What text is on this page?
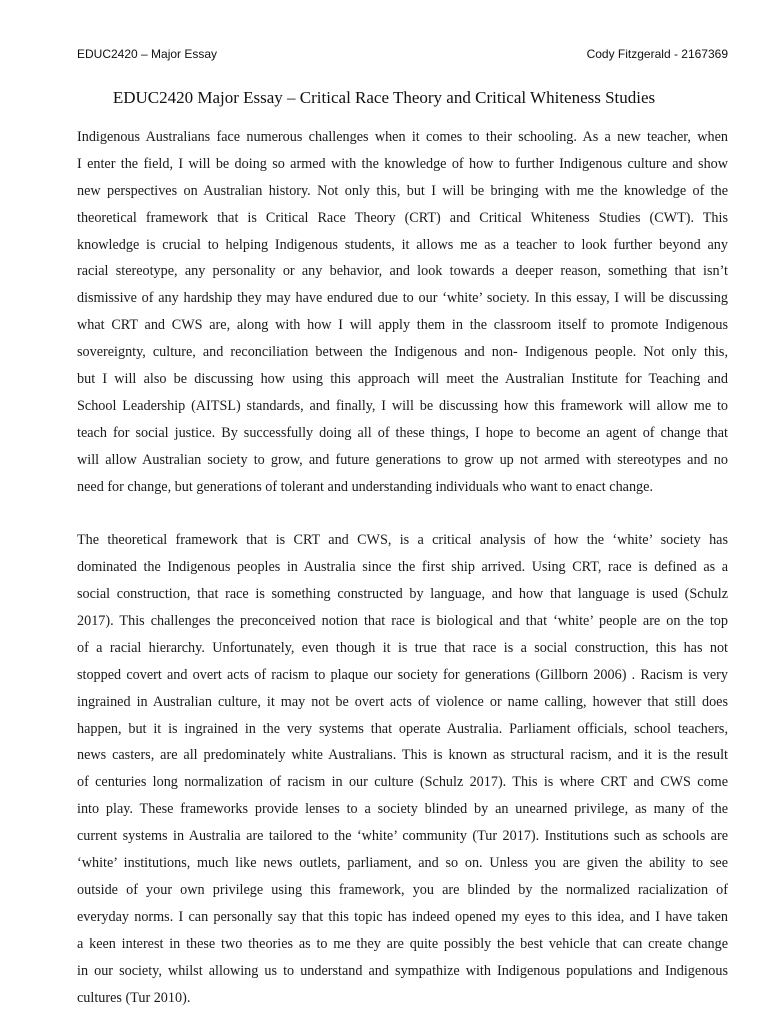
EDUC2420 – Major Essay	Cody Fitzgerald - 2167369
EDUC2420 Major Essay – Critical Race Theory and Critical Whiteness Studies
Indigenous Australians face numerous challenges when it comes to their schooling. As a new teacher, when
I enter the field, I will be doing so armed with the knowledge of how to further Indigenous culture and show
new perspectives on Australian history. Not only this, but I will be bringing with me the knowledge of the
theoretical framework that is Critical Race Theory (CRT) and Critical Whiteness Studies (CWT). This
knowledge is crucial to helping Indigenous students, it allows me as a teacher to look further beyond any
racial stereotype, any personality or any behavior, and look towards a deeper reason, something that isn’t
dismissive of any hardship they may have endured due to our ‘white’ society. In this essay, I will be discussing
what CRT and CWS are, along with how I will apply them in the classroom itself to promote Indigenous
sovereignty, culture, and reconciliation between the Indigenous and non- Indigenous people. Not only this,
but I will also be discussing how using this approach will meet the Australian Institute for Teaching and
School Leadership (AITSL) standards, and finally, I will be discussing how this framework will allow me to
teach for social justice. By successfully doing all of these things, I hope to become an agent of change that
will allow Australian society to grow, and future generations to grow up not armed with stereotypes and no
need for change, but generations of tolerant and understanding individuals who want to enact change.
The theoretical framework that is CRT and CWS, is a critical analysis of how the ‘white’ society has
dominated the Indigenous peoples in Australia since the first ship arrived. Using CRT, race is defined as a
social construction, that race is something constructed by language, and how that language is used (Schulz
2017). This challenges the preconceived notion that race is biological and that ‘white’ people are on the top
of a racial hierarchy. Unfortunately, even though it is true that race is a social construction, this has not
stopped covert and overt acts of racism to plaque our society for generations (Gillborn 2006) . Racism is very
ingrained in Australian culture, it may not be overt acts of violence or name calling, however that still does
happen, but it is ingrained in the very systems that operate Australia. Parliament officials, school teachers,
news casters, are all predominately white Australians. This is known as structural racism, and it is the result
of centuries long normalization of racism in our culture (Schulz 2017). This is where CRT and CWS come
into play. These frameworks provide lenses to a society blinded by an unearned privilege, as many of the
current systems in Australia are tailored to the ‘white’ community (Tur 2017). Institutions such as schools are
‘white’ institutions, much like news outlets, parliament, and so on. Unless you are given the ability to see
outside of your own privilege using this framework, you are blinded by the normalized racialization of
everyday norms. I can personally say that this topic has indeed opened my eyes to this idea, and I have taken
a keen interest in these two theories as to me they are quite possibly the best vehicle that can create change
in our society, whilst allowing us to understand and sympathize with Indigenous populations and Indigenous
cultures (Tur 2010).
